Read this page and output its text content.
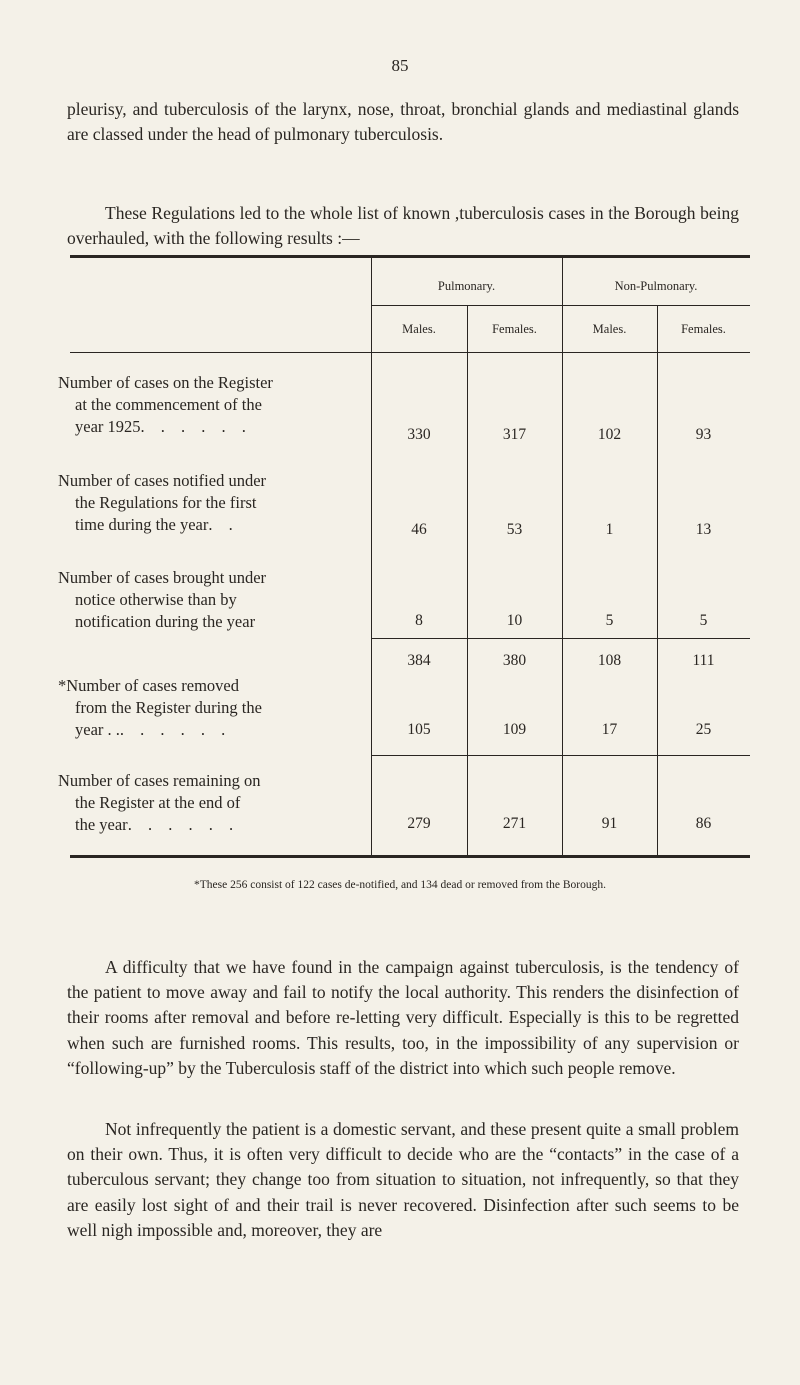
85

pleurisy, and tuberculosis of the larynx, nose, throat, bronchial glands and mediastinal glands are classed under the head of pulmonary tuberculosis.

These Regulations led to the whole list of known ,tuberculosis cases in the Borough being overhauled, with the following results :—

Pulmonary.	Non-Pulmonary.
Males.	Females.	Males.	Females.
Number of cases on the Register
at the commencement of the
year 1925. . . . . .	330	317	102	93
Number of cases notified under
the Regulations for the first
time during the year. .	46	53	1	13
Number of cases brought under
notice otherwise than by
notification during the year	8	10	5	5
384	380	108	111
*Number of cases removed
from the Register during the
year . .. . . . . .	105	109	17	25
Number of cases remaining on
the Register at the end of
the year. . . . . .	279	271	91	86
*These 256 consist of 122 cases de-notified, and 134 dead or removed from the Borough.

A difficulty that we have found in the campaign against tuberculosis, is the tendency of the patient to move away and fail to notify the local authority. This renders the disinfection of their rooms after removal and before re-letting very difficult. Especially is this to be regretted when such are furnished rooms. This results, too, in the impossibility of any supervision or “following-up” by the Tuberculosis staff of the district into which such people remove.

Not infrequently the patient is a domestic servant, and these present quite a small problem on their own. Thus, it is often very difficult to decide who are the “contacts” in the case of a tuberculous servant; they change too from situation to situation, not infrequently, so that they are easily lost sight of and their trail is never recovered. Disinfection after such seems to be well nigh impossible and, moreover, they are
